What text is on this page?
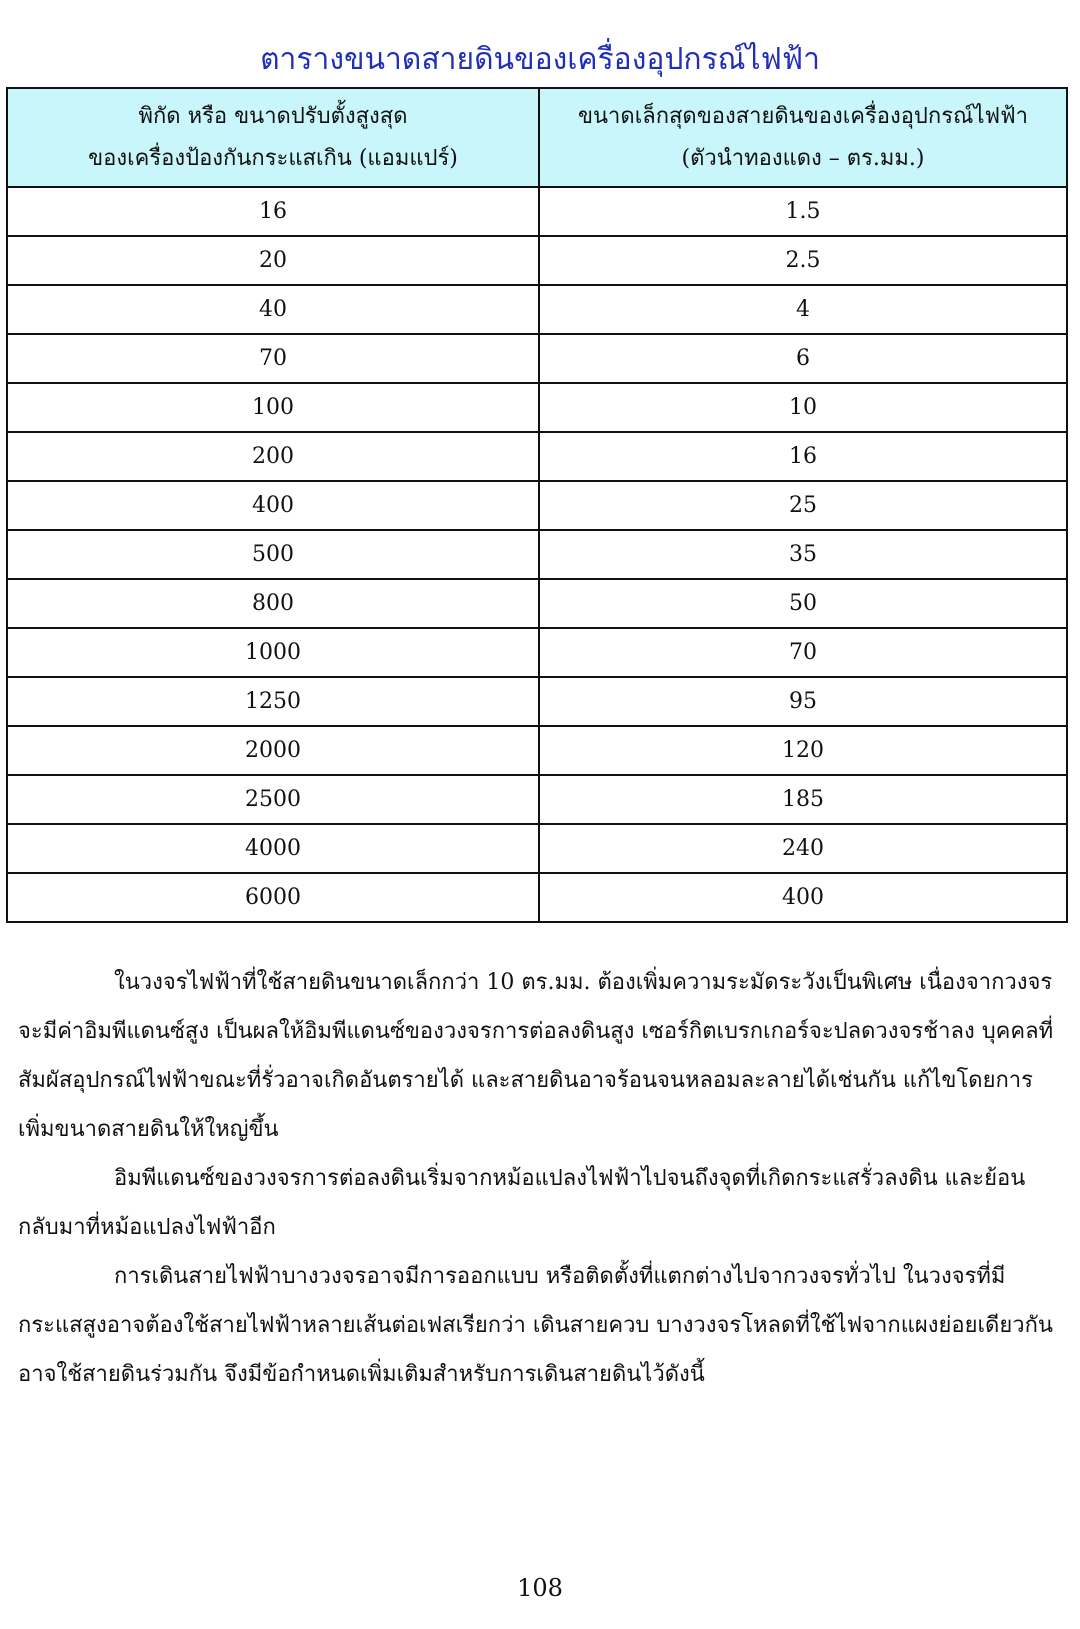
ตารางขนาดสายดินของเครื่องอุปกรณ์ไฟฟ้า
พิกัด หรือ ขนาดปรับตั้งสูงสุด
ของเครื่องป้องกันกระแสเกิน (แอมแปร์)	ขนาดเล็กสุดของสายดินของเครื่องอุปกรณ์ไฟฟ้า
(ตัวนำทองแดง – ตร.มม.)

16	1.5
20	2.5
40	4
70	6
100	10
200	16
400	25
500	35
800	50
1000	70
1250	95
2000	120
2500	185
4000	240
6000	400

ในวงจรไฟฟ้าที่ใช้สายดินขนาดเล็กกว่า 10 ตร.มม. ต้องเพิ่มความระมัดระวังเป็นพิเศษ เนื่องจากวงจรจะมีค่าอิมพีแดนซ์สูง เป็นผลให้อิมพีแดนซ์ของวงจรการต่อลงดินสูง เซอร์กิตเบรกเกอร์จะปลดวงจรช้าลง บุคคลที่สัมผัสอุปกรณ์ไฟฟ้าขณะที่รั่วอาจเกิดอันตรายได้ และสายดินอาจร้อนจนหลอมละลายได้เช่นกัน แก้ไขโดยการเพิ่มขนาดสายดินให้ใหญ่ขึ้น

อิมพีแดนซ์ของวงจรการต่อลงดินเริ่มจากหม้อแปลงไฟฟ้าไปจนถึงจุดที่เกิดกระแสรั่วลงดิน และย้อนกลับมาที่หม้อแปลงไฟฟ้าอีก

การเดินสายไฟฟ้าบางวงจรอาจมีการออกแบบ หรือติดตั้งที่แตกต่างไปจากวงจรทั่วไป ในวงจรที่มีกระแสสูงอาจต้องใช้สายไฟฟ้าหลายเส้นต่อเฟสเรียกว่า เดินสายควบ บางวงจรโหลดที่ใช้ไฟจากแผงย่อยเดียวกันอาจใช้สายดินร่วมกัน จึงมีข้อกำหนดเพิ่มเติมสำหรับการเดินสายดินไว้ดังนี้

108
